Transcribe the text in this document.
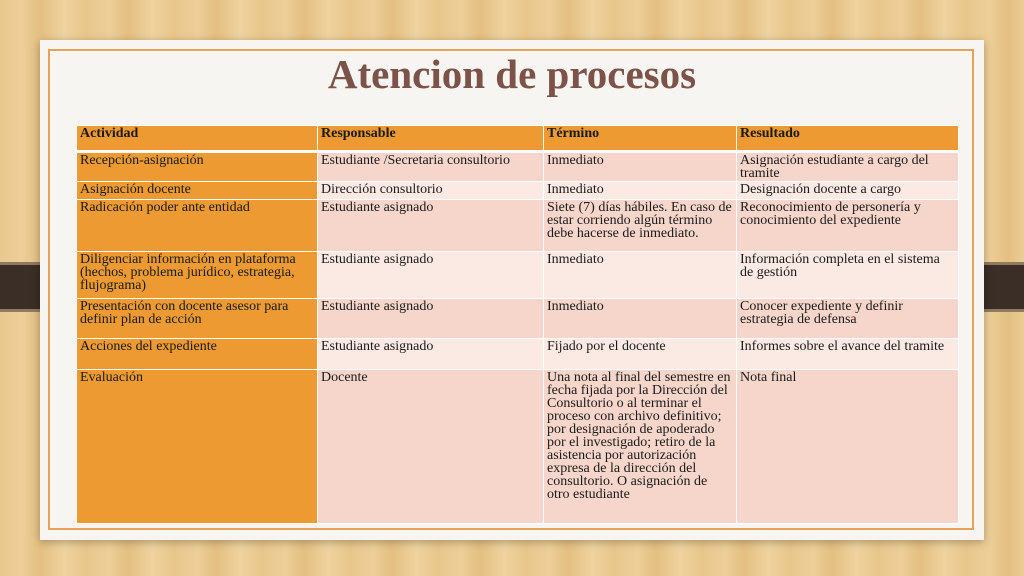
Atencion de procesos
Actividad	Responsable	Término	Resultado
Recepción-asignación	Estudiante /Secretaria consultorio	Inmediato	Asignación estudiante a cargo del tramite
Asignación docente	Dirección consultorio	Inmediato	Designación docente a cargo
Radicación poder ante entidad	Estudiante asignado	Siete (7) días hábiles. En caso de estar corriendo algún término debe hacerse de inmediato.	Reconocimiento de personería y conocimiento del expediente
Diligenciar información en plataforma (hechos, problema jurídico, estrategia, flujograma)	Estudiante asignado	Inmediato	Información completa en el sistema de gestión
Presentación con docente asesor para definir plan de acción	Estudiante asignado	Inmediato	Conocer expediente y definir estrategia de defensa
Acciones del expediente	Estudiante asignado	Fijado por el docente	Informes sobre el avance del tramite
Evaluación	Docente	Una nota al final del semestre en fecha fijada por la Dirección del Consultorio o al terminar el proceso con archivo definitivo; por designación de apoderado por el investigado; retiro de la asistencia por autorización expresa de la dirección del consultorio. O asignación de otro estudiante	Nota final
